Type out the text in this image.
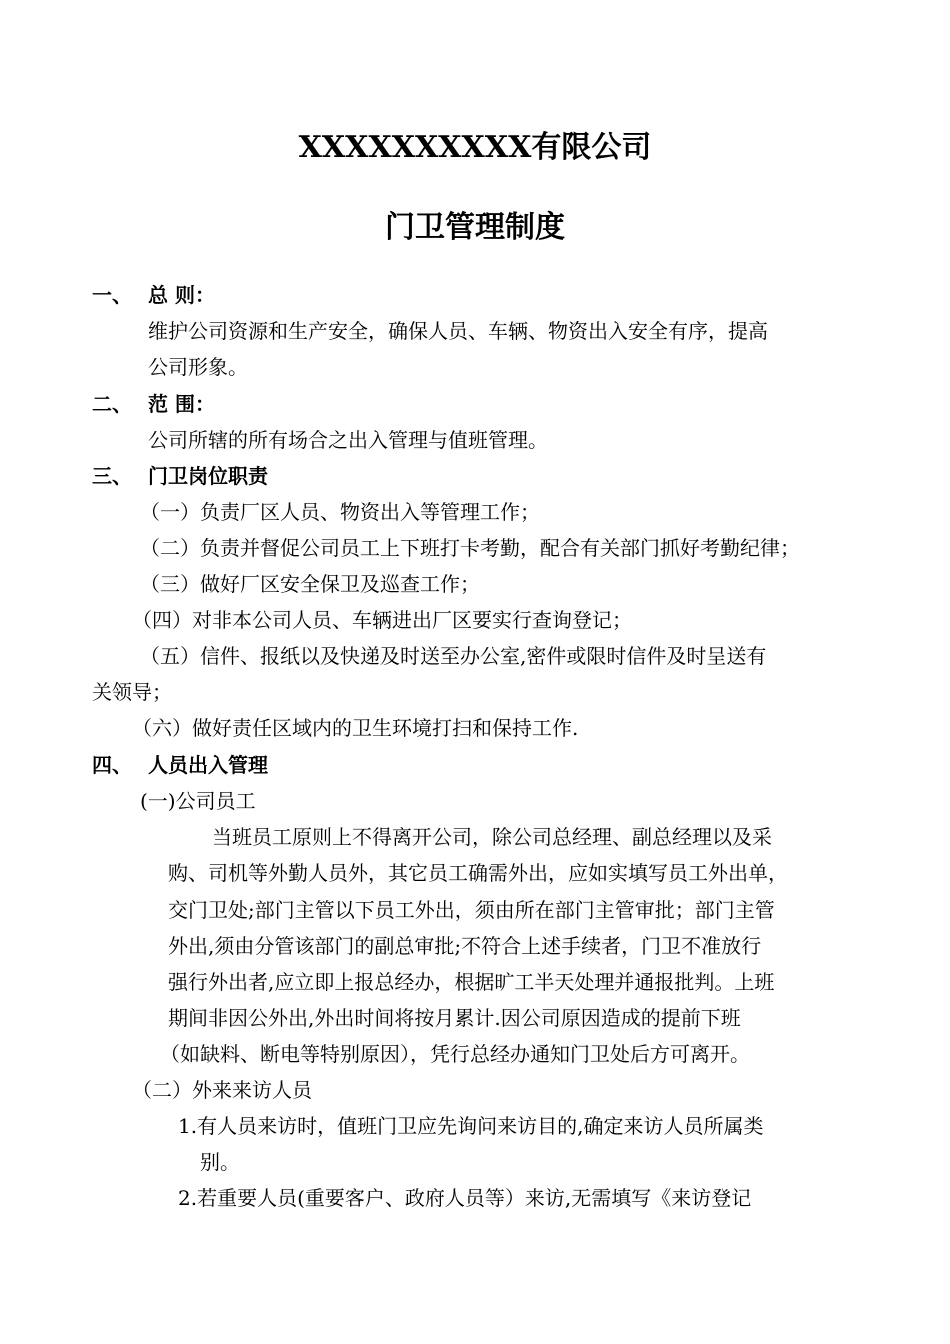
XXXXXXXXXX有限公司
门卫管理制度
一、 总 则：
维护公司资源和生产安全，确保人员、车辆、物资出入安全有序，提高
公司形象。
二、 范 围：
公司所辖的所有场合之出入管理与值班管理。
三、 门卫岗位职责
（一）负责厂区人员、物资出入等管理工作；
（二）负责并督促公司员工上下班打卡考勤，配合有关部门抓好考勤纪律；
（三）做好厂区安全保卫及巡查工作；
（四）对非本公司人员、车辆进出厂区要实行查询登记；
（五）信件、报纸以及快递及时送至办公室,密件或限时信件及时呈送有
关领导；
（六）做好责任区域内的卫生环境打扫和保持工作.
四、 人员出入管理
(一)公司员工
当班员工原则上不得离开公司，除公司总经理、副总经理以及采
购、司机等外勤人员外，其它员工确需外出，应如实填写员工外出单，
交门卫处;部门主管以下员工外出，须由所在部门主管审批；部门主管
外出,须由分管该部门的副总审批;不符合上述手续者，门卫不准放行
强行外出者,应立即上报总经办，根据旷工半天处理并通报批判。上班
期间非因公外出,外出时间将按月累计.因公司原因造成的提前下班
（如缺料、断电等特别原因），凭行总经办通知门卫处后方可离开。
（二）外来来访人员
1.有人员来访时，值班门卫应先询问来访目的,确定来访人员所属类
别。
2.若重要人员(重要客户、政府人员等）来访,无需填写《来访登记
